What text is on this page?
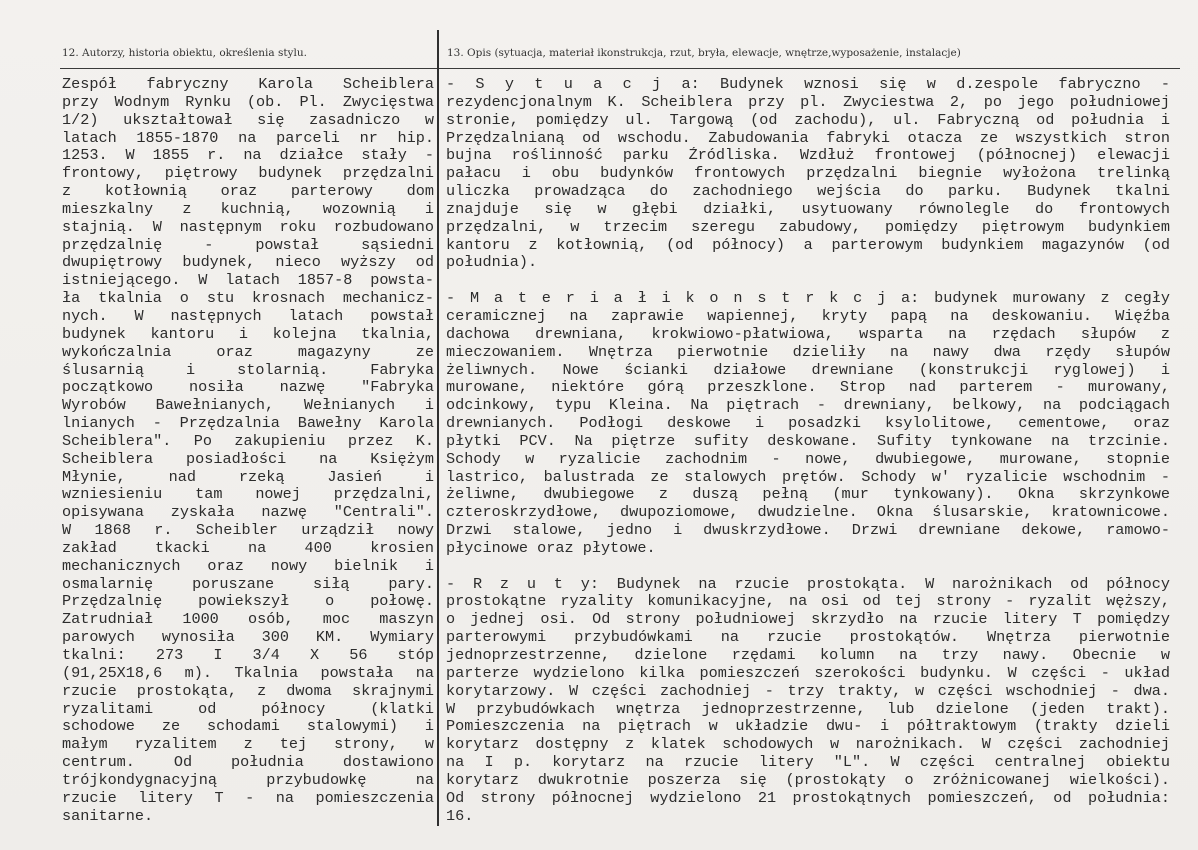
12. Autorzy, historia obiektu, określenia stylu.	13. Opis (sytuacja, materiał ikonstrukcja, rzut, bryła, elewacje, wnętrze,wyposażenie, instalacje)
Zespół fabryczny Karola Scheiblera
przy Wodnym Rynku (ob. Pl. Zwycięstwa
1/2) ukształtował się zasadniczo w
latach 1855-1870 na parceli nr hip.
1253. W 1855 r. na działce stały -
frontowy, piętrowy budynek przędzalni
z kotłownią oraz parterowy dom
mieszkalny z kuchnią, wozownią i
stajnią. W następnym roku rozbudowano
przędzalnię - powstał sąsiedni
dwupiętrowy budynek, nieco wyższy od
istniejącego. W latach 1857-8 powsta-
ła tkalnia o stu krosnach mechanicz-
nych. W następnych latach powstał
budynek kantoru i kolejna tkalnia,
wykończalnia oraz magazyny ze
ślusarnią i stolarnią. Fabryka
początkowo nosiła nazwę "Fabryka
Wyrobów Bawełnianych, Wełnianych i
lnianych - Przędzalnia Bawełny Karola
Scheiblera". Po zakupieniu przez K.
Scheiblera posiadłości na Księżym
Młynie, nad rzeką Jasień i
wzniesieniu tam nowej przędzalni,
opisywana zyskała nazwę "Centrali".
W 1868 r. Scheibler urządził nowy
zakład tkacki na 400 krosien
mechanicznych oraz nowy bielnik i
osmalarnię poruszane siłą pary.
Przędzalnię powiekszył o połowę.
Zatrudniał 1000 osób, moc maszyn
parowych wynosiła 300 KM. Wymiary
tkalni: 273 I 3/4 X 56 stóp
(91,25X18,6 m). Tkalnia powstała na
rzucie prostokąta, z dwoma skrajnymi
ryzalitami od północy (klatki
schodowe ze schodami stalowymi) i
małym ryzalitem z tej strony, w
centrum. Od południa dostawiono
trójkondygnacyjną przybudowkę na
rzucie litery T - na pomieszczenia
sanitarne.
- S y t u a c j a: Budynek wznosi się w d.zespole fabryczno -
rezydencjonalnym K. Scheiblera przy pl. Zwyciestwa 2, po jego południowej
stronie, pomiędzy ul. Targową (od zachodu), ul. Fabryczną od południa i
Przędzalnianą od wschodu. Zabudowania fabryki otacza ze wszystkich stron
bujna roślinność parku Źródliska. Wzdłuż frontowej (północnej) elewacji
pałacu i obu budynków frontowych przędzalni biegnie wyłożona trelinką
uliczka prowadząca do zachodniego wejścia do parku. Budynek tkalni
znajduje się w głębi działki, usytuowany równolegle do frontowych
przędzalni, w trzecim szeregu zabudowy, pomiędzy piętrowym budynkiem
kantoru z kotłownią, (od północy) a parterowym budynkiem magazynów (od
południa).
- M a t e r i a ł i k o n s t r k c j a: budynek murowany z cegły
ceramicznej na zaprawie wapiennej, kryty papą na deskowaniu. Więźba
dachowa drewniana, krokwiowo-płatwiowa, wsparta na rzędach słupów z
mieczowaniem. Wnętrza pierwotnie dzieliły na nawy dwa rzędy słupów
żeliwnych. Nowe ścianki działowe drewniane (konstrukcji ryglowej) i
murowane, niektóre górą przeszklone. Strop nad parterem - murowany,
odcinkowy, typu Kleina. Na piętrach - drewniany, belkowy, na podciągach
drewnianych. Podłogi deskowe i posadzki ksylolitowe, cementowe, oraz
płytki PCV. Na piętrze sufity deskowane. Sufity tynkowane na trzcinie.
Schody w ryzalicie zachodnim - nowe, dwubiegowe, murowane, stopnie
lastrico, balustrada ze stalowych prętów. Schody w' ryzalicie wschodnim -
żeliwne, dwubiegowe z duszą pełną (mur tynkowany). Okna skrzynkowe
czteroskrzydłowe, dwupoziomowe, dwudzielne. Okna ślusarskie, kratownicowe.
Drzwi stalowe, jedno i dwuskrzydłowe. Drzwi drewniane dekowe, ramowo-
płycinowe oraz płytowe.
- R z u t y: Budynek na rzucie prostokąta. W narożnikach od północy
prostokątne ryzality komunikacyjne, na osi od tej strony - ryzalit węższy,
o jednej osi. Od strony południowej skrzydło na rzucie litery T pomiędzy
parterowymi przybudówkami na rzucie prostokątów. Wnętrza pierwotnie
jednoprzestrzenne, dzielone rzędami kolumn na trzy nawy. Obecnie w
parterze wydzielono kilka pomieszczeń szerokości budynku. W części - układ
korytarzowy. W części zachodniej - trzy trakty, w części wschodniej - dwa.
W przybudówkach wnętrza jednoprzestrzenne, lub dzielone (jeden trakt).
Pomieszczenia na piętrach w układzie dwu- i półtraktowym (trakty dzieli
korytarz dostępny z klatek schodowych w narożnikach. W części zachodniej
na I p. korytarz na rzucie litery "L". W części centralnej obiektu
korytarz dwukrotnie poszerza się (prostokąty o zróżnicowanej wielkości).
Od strony północnej wydzielono 21 prostokątnych pomieszczeń, od południa:
16.
